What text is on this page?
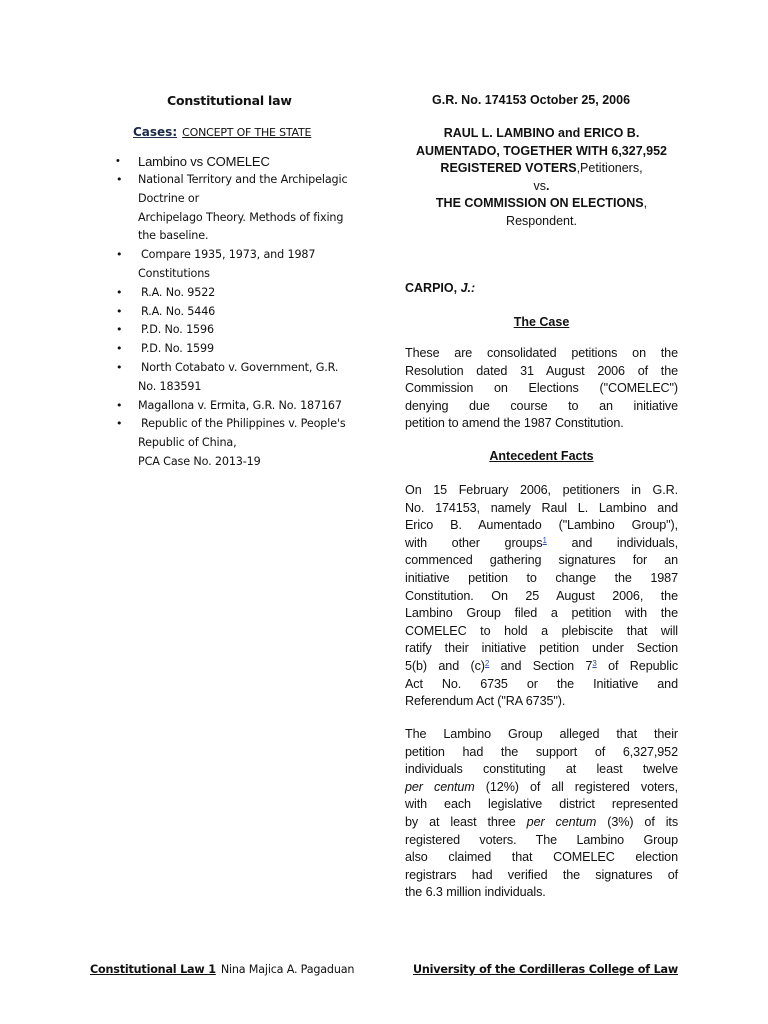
Constitutional law
Cases: CONCEPT OF THE STATE
• Lambino vs COMELEC
• National Territory and the Archipelagic
Doctrine or
Archipelago Theory. Methods of fixing
the baseline.
• Compare 1935, 1973, and 1987
Constitutions
• R.A. No. 9522
• R.A. No. 5446
• P.D. No. 1596
• P.D. No. 1599
• North Cotabato v. Government, G.R.
No. 183591
• Magallona v. Ermita, G.R. No. 187167
• Republic of the Philippines v. People's
Republic of China,
PCA Case No. 2013-19
G.R. No. 174153 October 25, 2006
RAUL L. LAMBINO and ERICO B.
AUMENTADO, TOGETHER WITH 6,327,952
REGISTERED VOTERS,Petitioners,
vs.
THE COMMISSION ON ELECTIONS,
Respondent.
CARPIO, J.:
The Case
These are consolidated petitions on the
Resolution dated 31 August 2006 of the
Commission on Elections ("COMELEC")
denying due course to an initiative
petition to amend the 1987 Constitution.
Antecedent Facts
On 15 February 2006, petitioners in G.R.
No. 174153, namely Raul L. Lambino and
Erico B. Aumentado ("Lambino Group"),
with other groups$^1$ and individuals,
commenced gathering signatures for an
initiative petition to change the 1987
Constitution. On 25 August 2006, the
Lambino Group filed a petition with the
COMELEC to hold a plebiscite that will
ratify their initiative petition under Section
5(b) and $(c)^2$ and Section $7^3$ of Republic
Act No. 6735 or the Initiative and
Referendum Act ("RA 6735").
The Lambino Group alleged that their
petition had the support of 6,327,952
individuals constituting at least twelve
per centum (12%) of all registered voters,
with each legislative district represented
by at least three per centum (3%) of its
registered voters. The Lambino Group
also claimed that COMELEC election
registrars had verified the signatures of
the 6.3 million individuals.
Constitutional Law 1 Nina Majica A. Pagaduan	University of the Cordilleras College of Law
